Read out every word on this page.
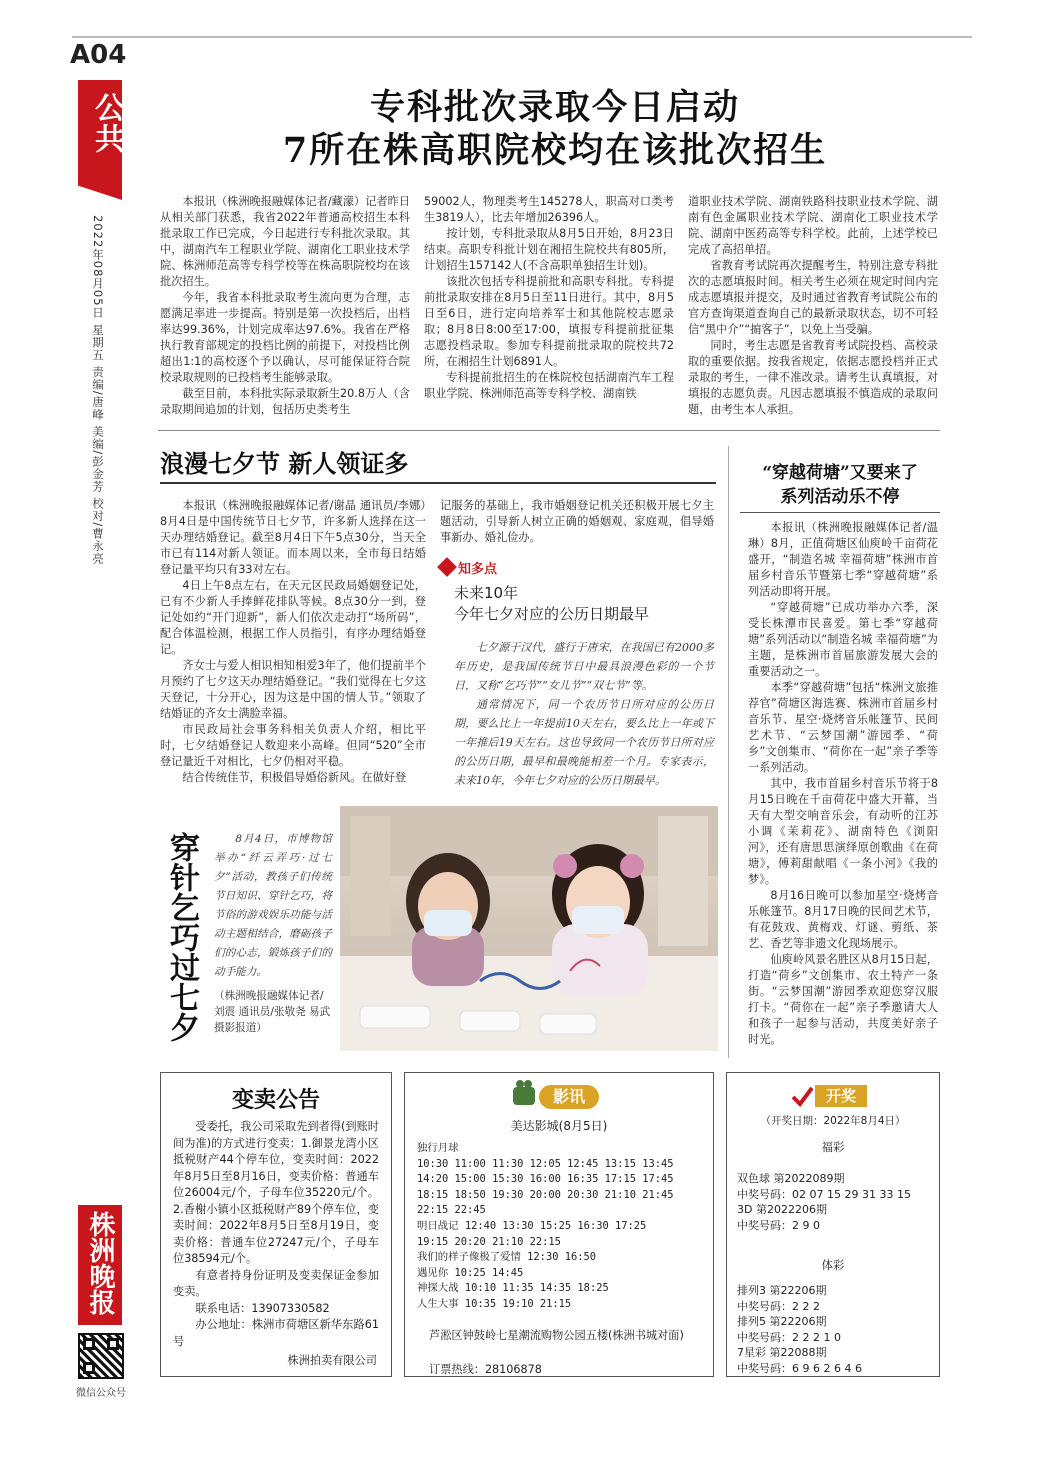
A04
公共
2022年08月05日 星期五 责编/唐峰 美编/彭金芳 校对/曹永亮
株洲晚报
微信公众号
专科批次录取今日启动
7所在株高职院校均在该批次招生

本报讯（株洲晚报融媒体记者/藏濛）记者昨日从相关部门获悉，我省2022年普通高校招生本科批录取工作已完成，今日起进行专科批次录取。其中，湖南汽车工程职业学院、湖南化工职业技术学院、株洲师范高等专科学校等在株高职院校均在该批次招生。

今年，我省本科批录取考生流向更为合理，志愿满足率进一步提高。特别是第一次投档后，出档率达99.36%，计划完成率达97.6%。我省在严格执行教育部规定的投档比例的前提下，对投档比例超出1:1的高校逐个予以确认，尽可能保证符合院校录取规则的已投档考生能够录取。

截至目前，本科批实际录取新生20.8万人（含录取期间追加的计划，包括历史类考生

59002人，物理类考生145278人，职高对口类考生3819人），比去年增加26396人。

按计划，专科批录取从8月5日开始，8月23日结束。高职专科批计划在湘招生院校共有805所，计划招生157142人(不含高职单独招生计划)。

该批次包括专科提前批和高职专科批。专科提前批录取安排在8月5日至11日进行。其中，8月5日至6日，进行定向培养军士和其他院校志愿录取；8月8日8:00至17:00，填报专科提前批征集志愿投档录取。参加专科提前批录取的院校共72所，在湘招生计划6891人。

专科提前批招生的在株院校包括湖南汽车工程职业学院、株洲师范高等专科学校、湖南铁

道职业技术学院、湖南铁路科技职业技术学院、湖南有色金属职业技术学院、湖南化工职业技术学院、湖南中医药高等专科学校。此前，上述学校已完成了高招单招。

省教育考试院再次提醒考生，特别注意专科批次的志愿填报时间。相关考生必须在规定时间内完成志愿填报并提交，及时通过省教育考试院公布的官方查询渠道查询自己的最新录取状态，切不可轻信“黑中介”“掮客子”，以免上当受骗。

同时，考生志愿是省教育考试院投档、高校录取的重要依据。按我省规定，依据志愿投档并正式录取的考生，一律不准改录。请考生认真填报，对填报的志愿负责。凡因志愿填报不慎造成的录取问题，由考生本人承担。

浪漫七夕节 新人领证多

本报讯（株洲晚报融媒体记者/谢晶 通讯员/李娜）8月4日是中国传统节日七夕节，许多新人选择在这一天办理结婚登记。截至8月4日下午5点30分，当天全市已有114对新人领证。而本周以来，全市每日结婚登记量平均只有33对左右。

4日上午8点左右，在天元区民政局婚姻登记处，已有不少新人手捧鲜花排队等候。8点30分一到，登记处如约“开门迎新”，新人们依次走动打“场所码”，配合体温检测，根据工作人员指引，有序办理结婚登记。

齐女士与爱人相识相知相爱3年了，他们提前半个月预约了七夕这天办理结婚登记。“我们觉得在七夕这天登记，十分开心，因为这是中国的情人节。”领取了结婚证的齐女士满脸幸福。

市民政局社会事务科相关负责人介绍，相比平时，七夕结婚登记人数迎来小高峰。但同“520”全市登记量近千对相比，七夕仍相对平稳。

结合传统佳节，积极倡导婚俗新风。在做好登

记服务的基础上，我市婚姻登记机关还积极开展七夕主题活动，引导新人树立正确的婚姻观、家庭观，倡导婚事新办、婚礼俭办。

知多点
未来10年
今年七夕对应的公历日期最早

七夕源于汉代，盛行于唐宋，在我国已有2000多年历史，是我国传统节日中最具浪漫色彩的一个节日，又称“乞巧节”“女儿节”“双七节”等。

通常情况下，同一个农历节日所对应的公历日期，要么比上一年提前10天左右，要么比上一年或下一年推后19天左右。这也导致同一个农历节日所对应的公历日期，最早和最晚能相差一个月。专家表示，未来10年，今年七夕对应的公历日期最早。

穿针乞巧过七夕	8月4日，市博物馆举办“纤云弄巧·过七夕”活动，教孩子们传统节日知识、穿针乞巧，将节俗的游戏娱乐功能与活动主题相结合，磨砺孩子们的心志，锻炼孩子们的动手能力。
（株洲晚报融媒体记者/刘震 通讯员/张敬尧 易武 摄影报道）
“穿越荷塘”又要来了
系列活动乐不停

本报讯（株洲晚报融媒体记者/温琳）8月，正值荷塘区仙庾岭千亩荷花盛开，“制造名城 幸福荷塘”株洲市首届乡村音乐节暨第七季“穿越荷塘”系列活动即将开展。

“穿越荷塘”已成功举办六季，深受长株潭市民喜爱。第七季“穿越荷塘”系列活动以“制造名城 幸福荷塘”为主题，是株洲市首届旅游发展大会的重要活动之一。

本季“穿越荷塘”包括“株洲文旅推荐官”荷塘区海选赛、株洲市首届乡村音乐节、星空·烧烤音乐帐篷节、民间艺术节、“云梦国潮”游园季、“荷乡”文创集市、“荷你在一起”亲子季等一系列活动。

其中，我市首届乡村音乐节将于8月15日晚在千亩荷花中盛大开幕，当天有大型交响音乐会，有动听的江苏小调《茉莉花》、湖南特色《浏阳河》，还有唐思思演绎原创歌曲《在荷塘》，傅莉甜献唱《一条小河》《我的梦》。

8月16日晚可以参加星空·烧烤音乐帐篷节。8月17日晚的民间艺术节，有花鼓戏、黄梅戏、灯谜、剪纸、茶艺、香艺等非遗文化现场展示。

仙庾岭风景名胜区从8月15日起，打造“荷乡”文创集市、农土特产一条街。“云梦国潮”游园季欢迎您穿汉服打卡。“荷你在一起”亲子季邀请大人和孩子一起参与活动，共度美好亲子时光。

变卖公告

受委托，我公司采取先到者得(到账时间为准)的方式进行变卖：1.御景龙湾小区抵税财产44个停车位，变卖时间：2022年8月5日至8月16日，变卖价格：普通车位26004元/个，子母车位35220元/个。2.香榭小镇小区抵税财产89个停车位，变卖时间：2022年8月5日至8月19日，变卖价格：普通车位27247元/个，子母车位38594元/个。

有意者持身份证明及变卖保证金参加变卖。

联系电话：13907330582

办公地址：株洲市荷塘区新华东路61号

株洲拍卖有限公司
影讯
美达影城(8月5日)
独行月球
10:30 11:00 11:30 12:05 12:45 13:15 13:45
14:20 15:00 15:30 16:00 16:35 17:15 17:45
18:15 18:50 19:30 20:00 20:30 21:10 21:45
22:15 22:45
明日战记 12:40 13:30 15:25 16:30 17:25
19:15 20:20 21:10 22:15
我们的样子像极了爱情 12:30 16:50
遇见你 10:25 14:45
神探大战 10:10 11:35 14:35 18:25
人生大事 10:35 19:10 21:15
芦淞区钟鼓岭七星潮流购物公园五楼(株洲书城对面)
订票热线：28106878
开奖
（开奖日期：2022年8月4日）
福彩
双色球 第2022089期
中奖号码：02 07 15 29 31 33 15
3D 第2022206期
中奖号码：2 9 0
体彩
排列3 第22206期
中奖号码：2 2 2
排列5 第22206期
中奖号码：2 2 2 1 0
7星彩 第22088期
中奖号码：6 9 6 2 6 4 6
